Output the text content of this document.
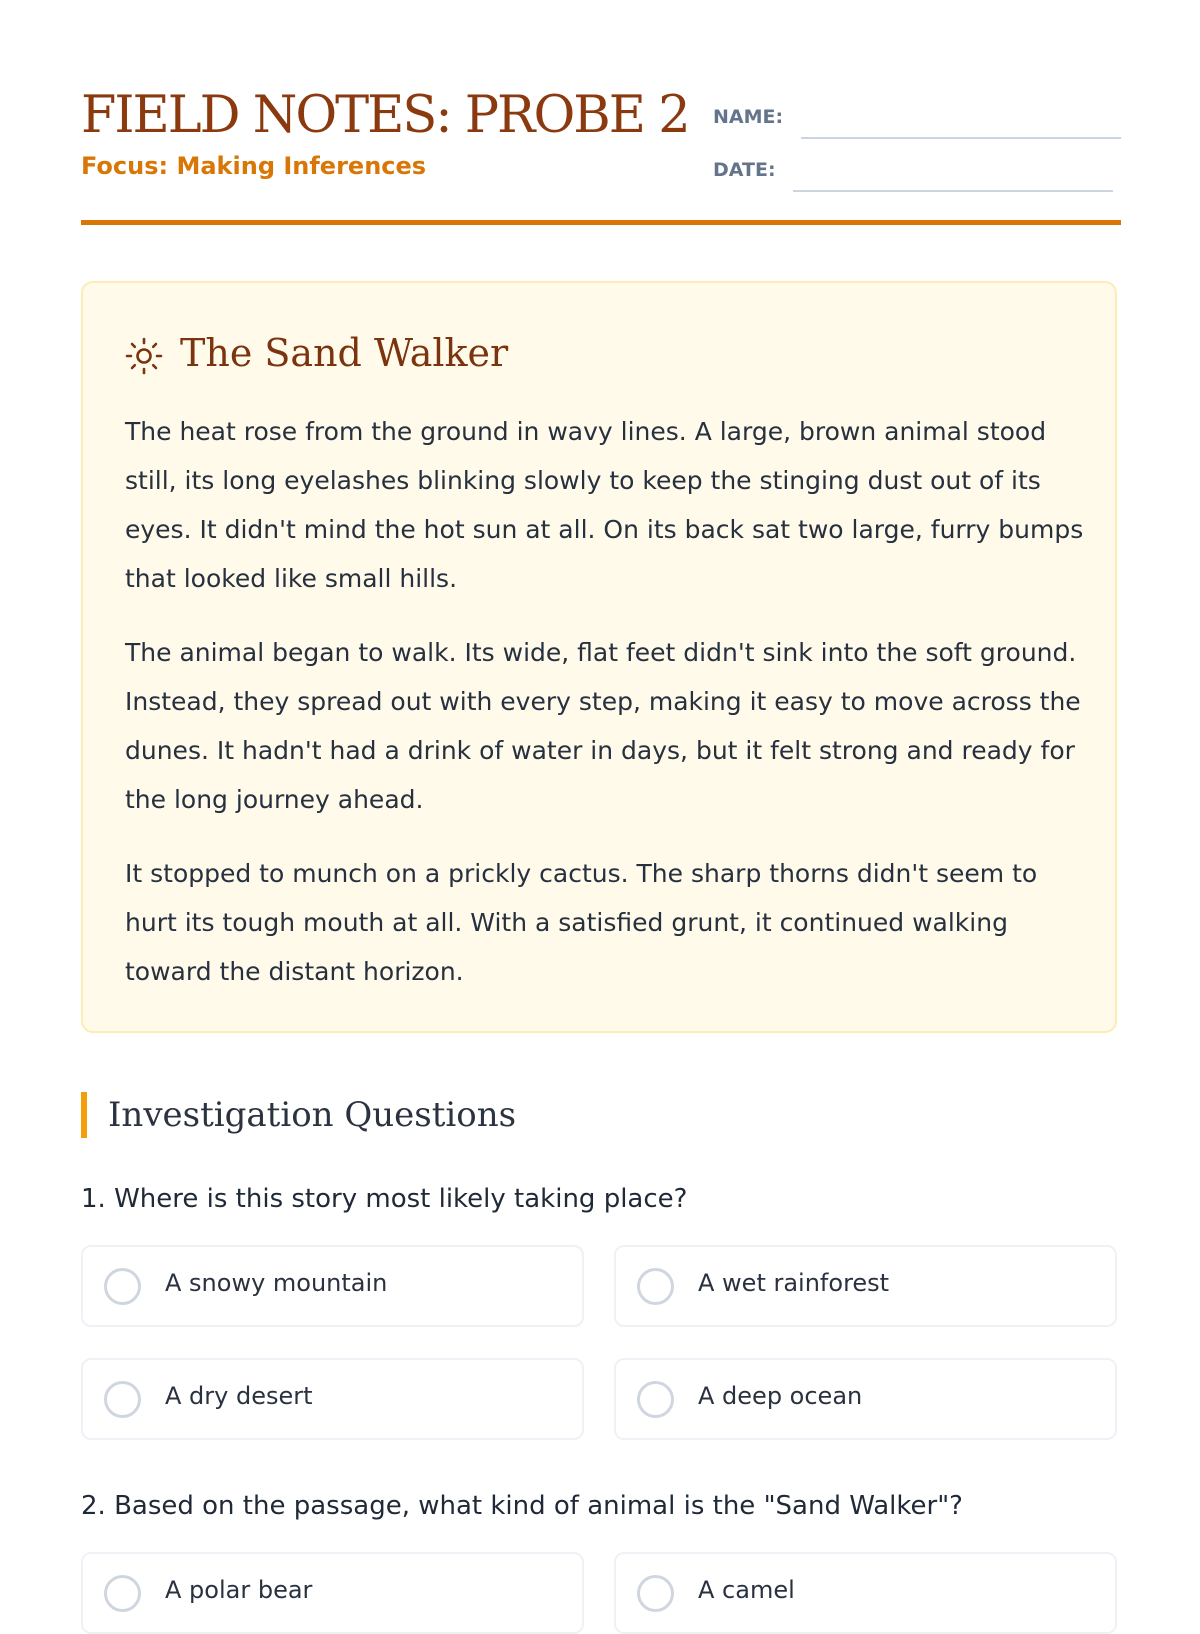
FIELD NOTES: PROBE 2
Focus: Making Inferences
NAME:
DATE:
The Sand Walker

The heat rose from the ground in wavy lines. A large, brown animal stood still, its long eyelashes blinking slowly to keep the stinging dust out of its eyes. It didn't mind the hot sun at all. On its back sat two large, furry bumps that looked like small hills.

The animal began to walk. Its wide, flat feet didn't sink into the soft ground. Instead, they spread out with every step, making it easy to move across the dunes. It hadn't had a drink of water in days, but it felt strong and ready for the long journey ahead.

It stopped to munch on a prickly cactus. The sharp thorns didn't seem to hurt its tough mouth at all. With a satisfied grunt, it continued walking toward the distant horizon.

Investigation Questions
1. Where is this story most likely taking place?
A snowy mountain	A wet rainforest
A dry desert	A deep ocean
2. Based on the passage, what kind of animal is the "Sand Walker"?
A polar bear	A camel
